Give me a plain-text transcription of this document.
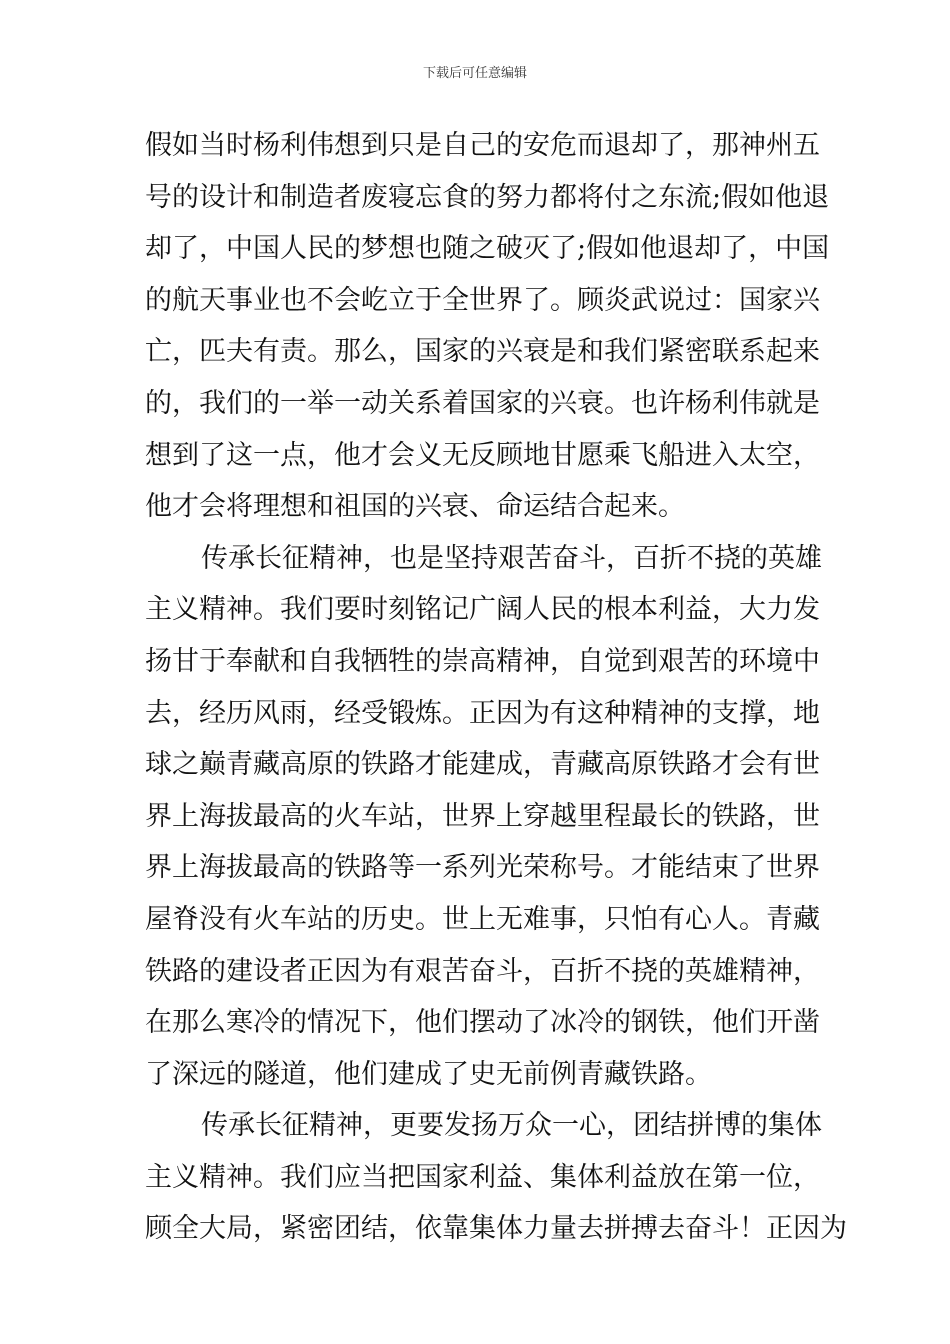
下载后可任意编辑
假如当时杨利伟想到只是自己的安危而退却了，那神州五
号的设计和制造者废寝忘食的努力都将付之东流;假如他退
却了，中国人民的梦想也随之破灭了;假如他退却了，中国
的航天事业也不会屹立于全世界了。顾炎武说过：国家兴
亡，匹夫有责。那么，国家的兴衰是和我们紧密联系起来
的，我们的一举一动关系着国家的兴衰。也许杨利伟就是
想到了这一点，他才会义无反顾地甘愿乘飞船进入太空，
他才会将理想和祖国的兴衰、命运结合起来。
传承长征精神，也是坚持艰苦奋斗，百折不挠的英雄
主义精神。我们要时刻铭记广阔人民的根本利益，大力发
扬甘于奉献和自我牺牲的崇高精神，自觉到艰苦的环境中
去，经历风雨，经受锻炼。正因为有这种精神的支撑，地
球之巅青藏高原的铁路才能建成，青藏高原铁路才会有世
界上海拔最高的火车站，世界上穿越里程最长的铁路，世
界上海拔最高的铁路等一系列光荣称号。才能结束了世界
屋脊没有火车站的历史。世上无难事，只怕有心人。青藏
铁路的建设者正因为有艰苦奋斗，百折不挠的英雄精神，
在那么寒冷的情况下，他们摆动了冰冷的钢铁，他们开凿
了深远的隧道，他们建成了史无前例青藏铁路。
传承长征精神，更要发扬万众一心，团结拼博的集体
主义精神。我们应当把国家利益、集体利益放在第一位，
顾全大局，紧密团结，依靠集体力量去拼搏去奋斗！正因为
